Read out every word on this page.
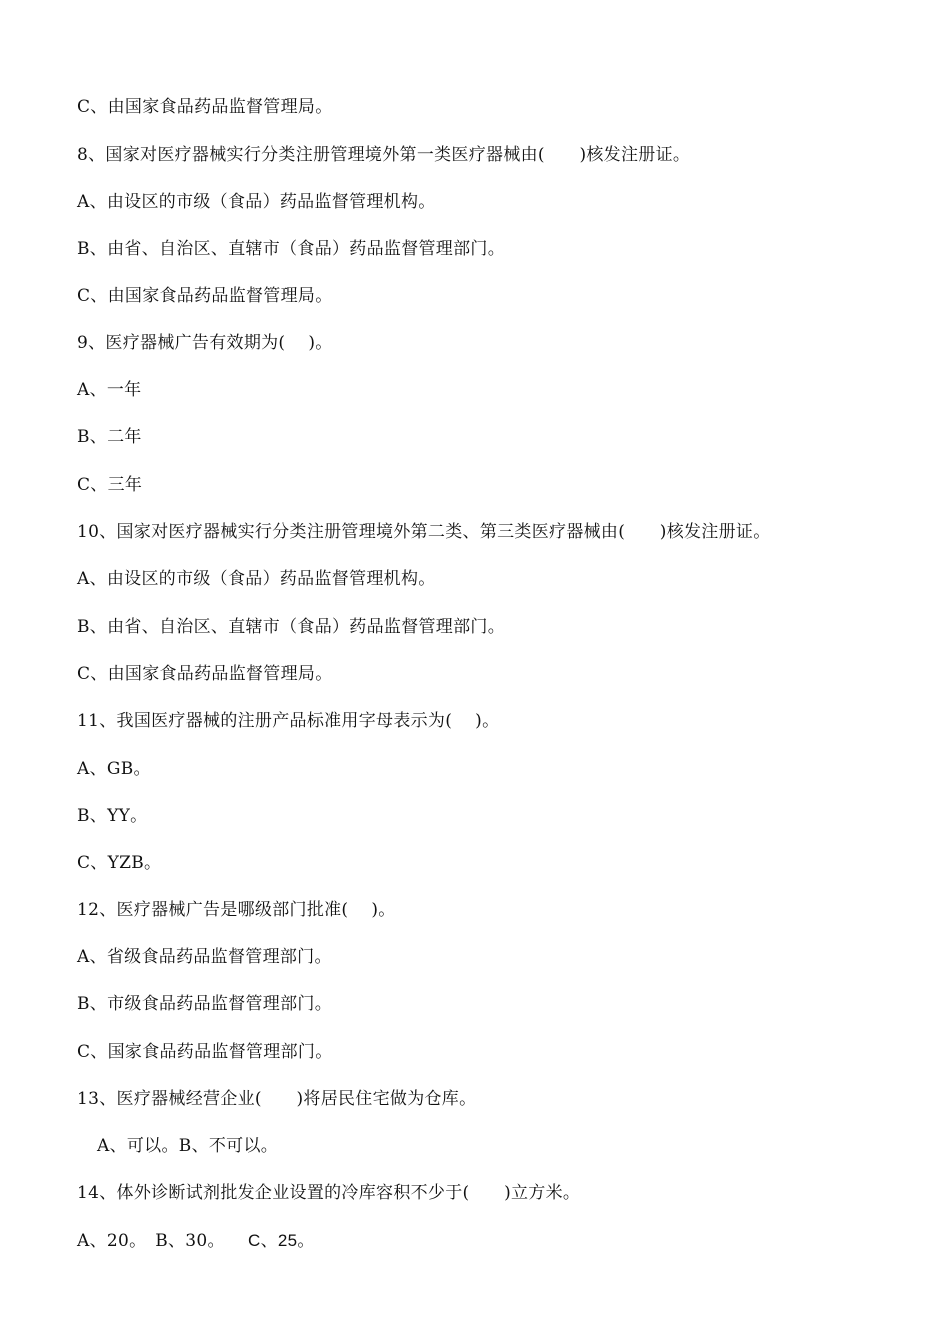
C、由国家食品药品监督管理局。
8、国家对医疗器械实行分类注册管理境外第一类医疗器械由(　　)核发注册证。
A、由设区的市级（食品）药品监督管理机构。
B、由省、自治区、直辖市（食品）药品监督管理部门。
C、由国家食品药品监督管理局。
9、医疗器械广告有效期为(　 )。
A、一年
B、二年
C、三年
10、国家对医疗器械实行分类注册管理境外第二类、第三类医疗器械由(　　)核发注册证。
A、由设区的市级（食品）药品监督管理机构。
B、由省、自治区、直辖市（食品）药品监督管理部门。
C、由国家食品药品监督管理局。
11、我国医疗器械的注册产品标准用字母表示为(　 )。
A、GB。
B、YY。
C、YZB。
12、医疗器械广告是哪级部门批准(　 )。
A、省级食品药品监督管理部门。
B、市级食品药品监督管理部门。
C、国家食品药品监督管理部门。
13、医疗器械经营企业(　　)将居民住宅做为仓库。
A、可以。B、不可以。
14、体外诊断试剂批发企业设置的冷库容积不少于(　　)立方米。
A、20。　B、30。　 C、25。
